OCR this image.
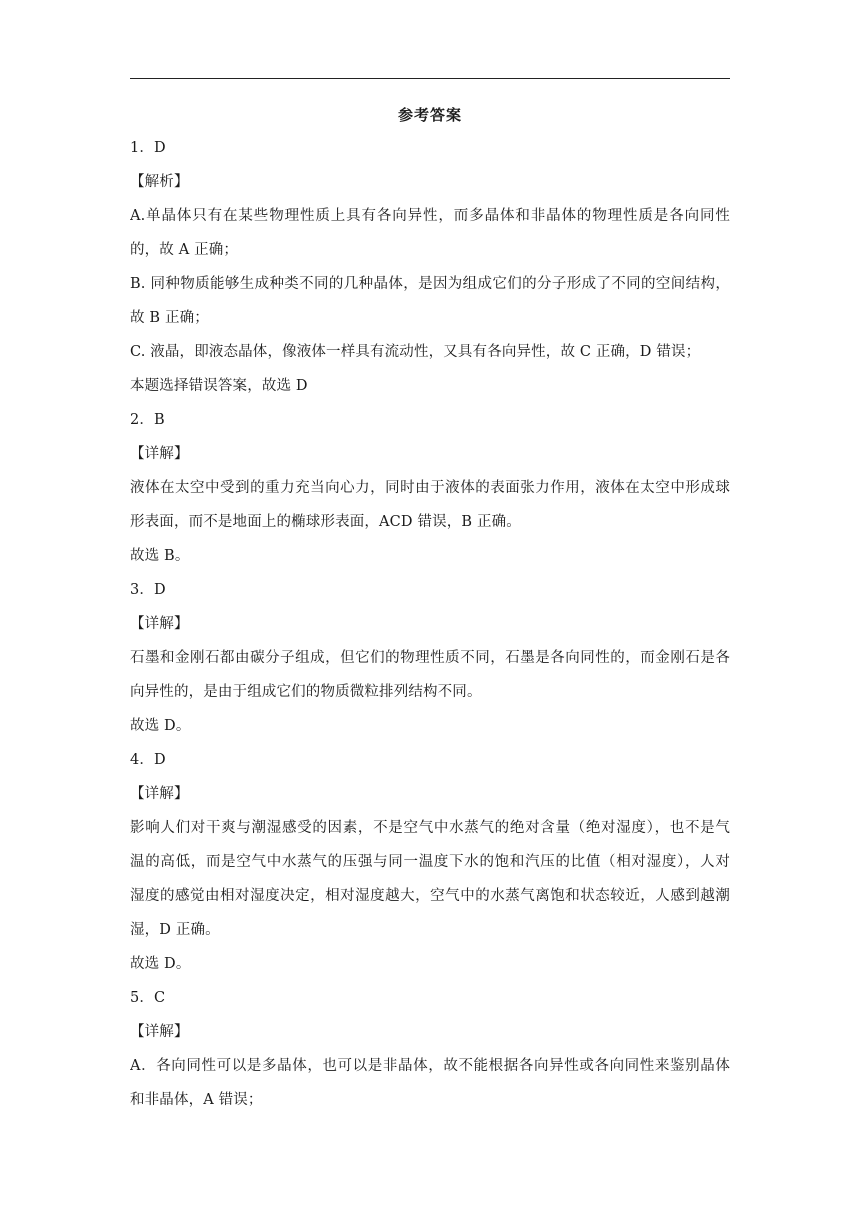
参考答案
1．D
【解析】
A.单晶体只有在某些物理性质上具有各向异性，而多晶体和非晶体的物理性质是各向同性
的，故 A 正确；
B. 同种物质能够生成种类不同的几种晶体，是因为组成它们的分子形成了不同的空间结构，
故 B 正确；
C. 液晶，即液态晶体，像液体一样具有流动性，又具有各向异性，故 C 正确，D 错误；
本题选择错误答案，故选 D
2．B
【详解】
液体在太空中受到的重力充当向心力，同时由于液体的表面张力作用，液体在太空中形成球
形表面，而不是地面上的椭球形表面，ACD 错误，B 正确。
故选 B。
3．D
【详解】
石墨和金刚石都由碳分子组成，但它们的物理性质不同，石墨是各向同性的，而金刚石是各
向异性的，是由于组成它们的物质微粒排列结构不同。
故选 D。
4．D
【详解】
影响人们对干爽与潮湿感受的因素，不是空气中水蒸气的绝对含量（绝对湿度），也不是气
温的高低，而是空气中水蒸气的压强与同一温度下水的饱和汽压的比值（相对湿度），人对
湿度的感觉由相对湿度决定，相对湿度越大，空气中的水蒸气离饱和状态较近，人感到越潮
湿，D 正确。
故选 D。
5．C
【详解】
A．各向同性可以是多晶体，也可以是非晶体，故不能根据各向异性或各向同性来鉴别晶体
和非晶体，A 错误；
